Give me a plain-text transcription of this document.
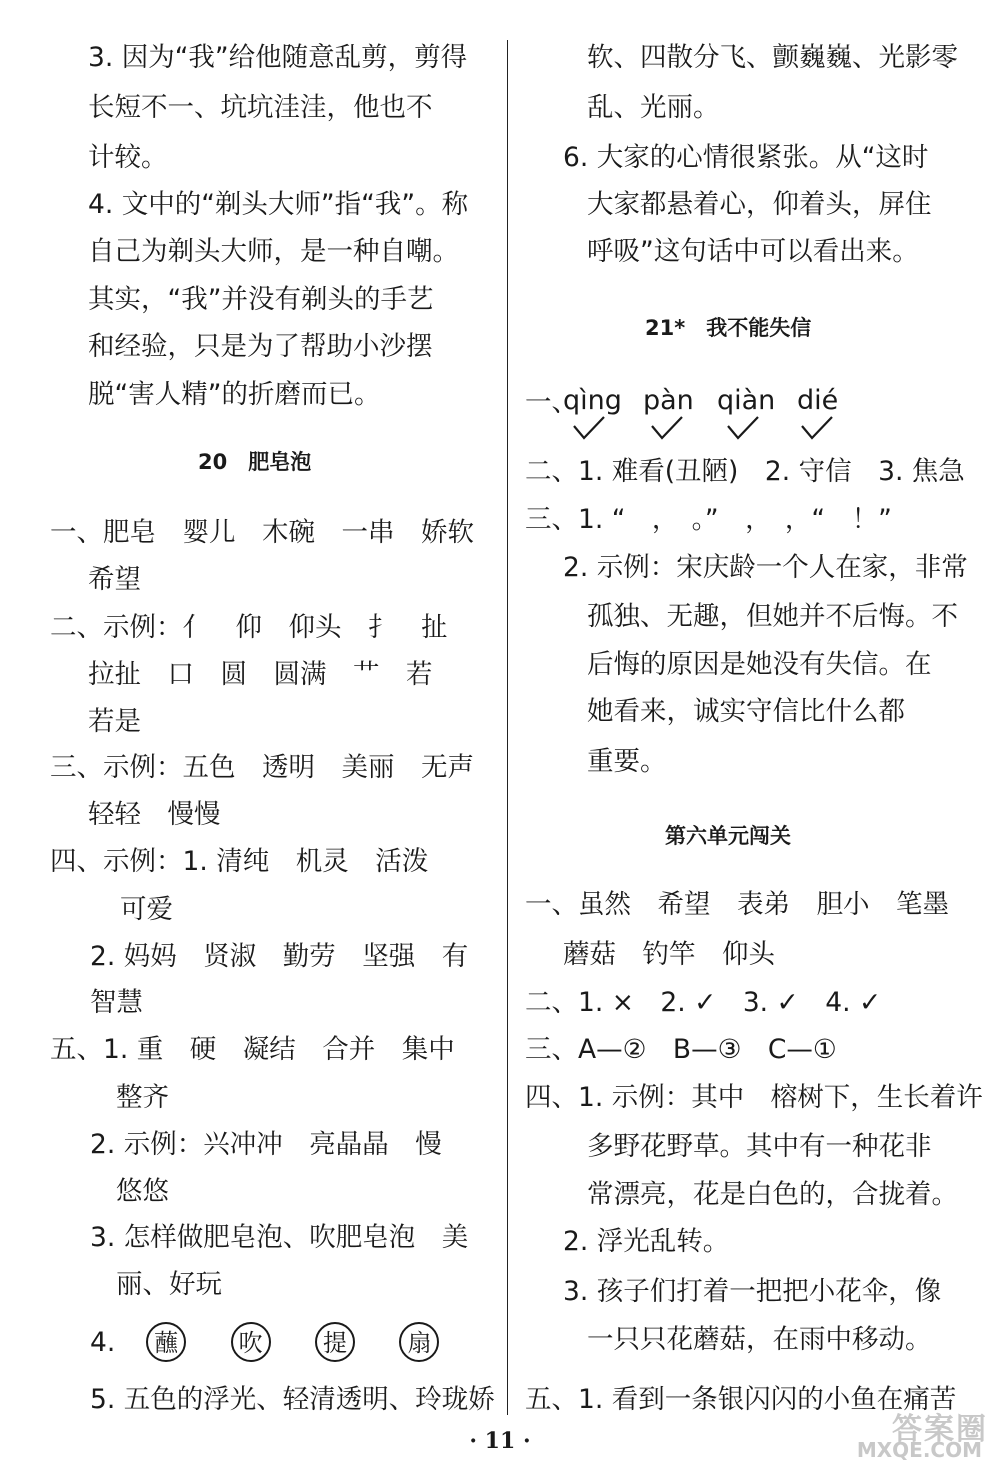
3. 因为“我”给他随意乱剪，剪得
长短不一、坑坑洼洼，他也不
计较。
4. 文中的“剃头大师”指“我”。称
自己为剃头大师，是一种自嘲。
其实，“我”并没有剃头的手艺
和经验，只是为了帮助小沙摆
脱“害人精”的折磨而已。
20　肥皂泡
一、肥皂　婴儿　木碗　一串　娇软
希望
二、示例：亻　仰　仰头　扌　扯
拉扯　口　圆　圆满　艹　若
若是
三、示例：五色　透明　美丽　无声
轻轻　慢慢
四、示例：1. 清纯　机灵　活泼
可爱
2. 妈妈　贤淑　勤劳　坚强　有
智慧
五、1. 重　硬　凝结　合并　集中
整齐
2. 示例：兴冲冲　亮晶晶　慢
悠悠
3. 怎样做肥皂泡、吹肥皂泡　美
丽、好玩
4. 蘸	吹	提	扇
5. 五色的浮光、轻清透明、玲珑娇
软、四散分飞、颤巍巍、光影零
乱、光丽。
6. 大家的心情很紧张。从“这时
大家都悬着心，仰着头，屏住
呼吸”这句话中可以看出来。
21*　我不能失信
一、
qìng pàn qiàn dié
二、1. 难看(丑陋)　2. 守信　3. 焦急
三、1. “　，　。”　，　，“　！”
2. 示例：宋庆龄一个人在家，非常
孤独、无趣，但她并不后悔。不
后悔的原因是她没有失信。在
她看来，诚实守信比什么都
重要。
第六单元闯关
一、虽然　希望　表弟　胆小　笔墨
蘑菇　钓竿　仰头
二、1. ×　2. ✓　3. ✓　4. ✓
三、A—②　B—③　C—①
四、1. 示例：其中　榕树下，生长着许
多野花野草。其中有一种花非
常漂亮，花是白色的，合拢着。
2. 浮光乱转。
3. 孩子们打着一把把小花伞，像
一只只花蘑菇，在雨中移动。
五、1. 看到一条银闪闪的小鱼在痛苦
· 11 ·	答案圈
MXQE.COM
